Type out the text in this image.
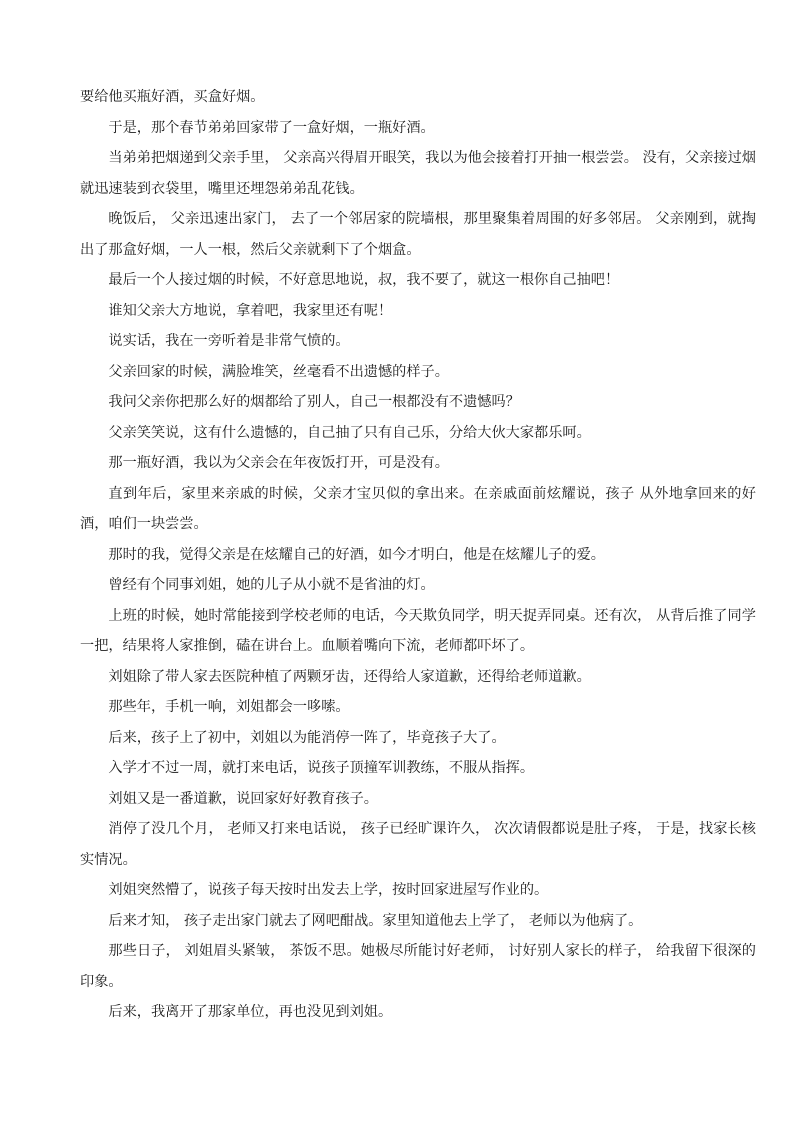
要给他买瓶好酒，买盒好烟。

于是，那个春节弟弟回家带了一盒好烟，一瓶好酒。

当弟弟把烟递到父亲手里， 父亲高兴得眉开眼笑，我以为他会接着打开抽一根尝尝。 没有，父亲接过烟就迅速装到衣袋里，嘴里还埋怨弟弟乱花钱。

晚饭后， 父亲迅速出家门， 去了一个邻居家的院墙根，那里聚集着周围的好多邻居。 父亲刚到，就掏出了那盒好烟，一人一根，然后父亲就剩下了个烟盒。

最后一个人接过烟的时候，不好意思地说，叔，我不要了，就这一根你自己抽吧！

谁知父亲大方地说，拿着吧，我家里还有呢！

说实话，我在一旁听着是非常气愤的。

父亲回家的时候，满脸堆笑，丝毫看不出遗憾的样子。

我问父亲你把那么好的烟都给了别人，自己一根都没有不遗憾吗？

父亲笑笑说，这有什么遗憾的，自己抽了只有自己乐，分给大伙大家都乐呵。

那一瓶好酒，我以为父亲会在年夜饭打开，可是没有。

直到年后，家里来亲戚的时候，父亲才宝贝似的拿出来。在亲戚面前炫耀说，孩子 从外地拿回来的好酒，咱们一块尝尝。

那时的我，觉得父亲是在炫耀自己的好酒，如今才明白，他是在炫耀儿子的爱。

曾经有个同事刘姐，她的儿子从小就不是省油的灯。

上班的时候，她时常能接到学校老师的电话，今天欺负同学，明天捉弄同桌。还有次， 从背后推了同学一把，结果将人家推倒，磕在讲台上。血顺着嘴向下流，老师都吓坏了。

刘姐除了带人家去医院种植了两颗牙齿，还得给人家道歉，还得给老师道歉。

那些年，手机一响，刘姐都会一哆嗦。

后来，孩子上了初中，刘姐以为能消停一阵了，毕竟孩子大了。

入学才不过一周，就打来电话，说孩子顶撞军训教练，不服从指挥。

刘姐又是一番道歉，说回家好好教育孩子。

消停了没几个月， 老师又打来电话说， 孩子已经旷课许久， 次次请假都说是肚子疼， 于是，找家长核实情况。

刘姐突然懵了，说孩子每天按时出发去上学，按时回家进屋写作业的。

后来才知， 孩子走出家门就去了网吧酣战。家里知道他去上学了， 老师以为他病了。

那些日子， 刘姐眉头紧皱， 茶饭不思。她极尽所能讨好老师， 讨好别人家长的样子， 给我留下很深的印象。

后来，我离开了那家单位，再也没见到刘姐。
